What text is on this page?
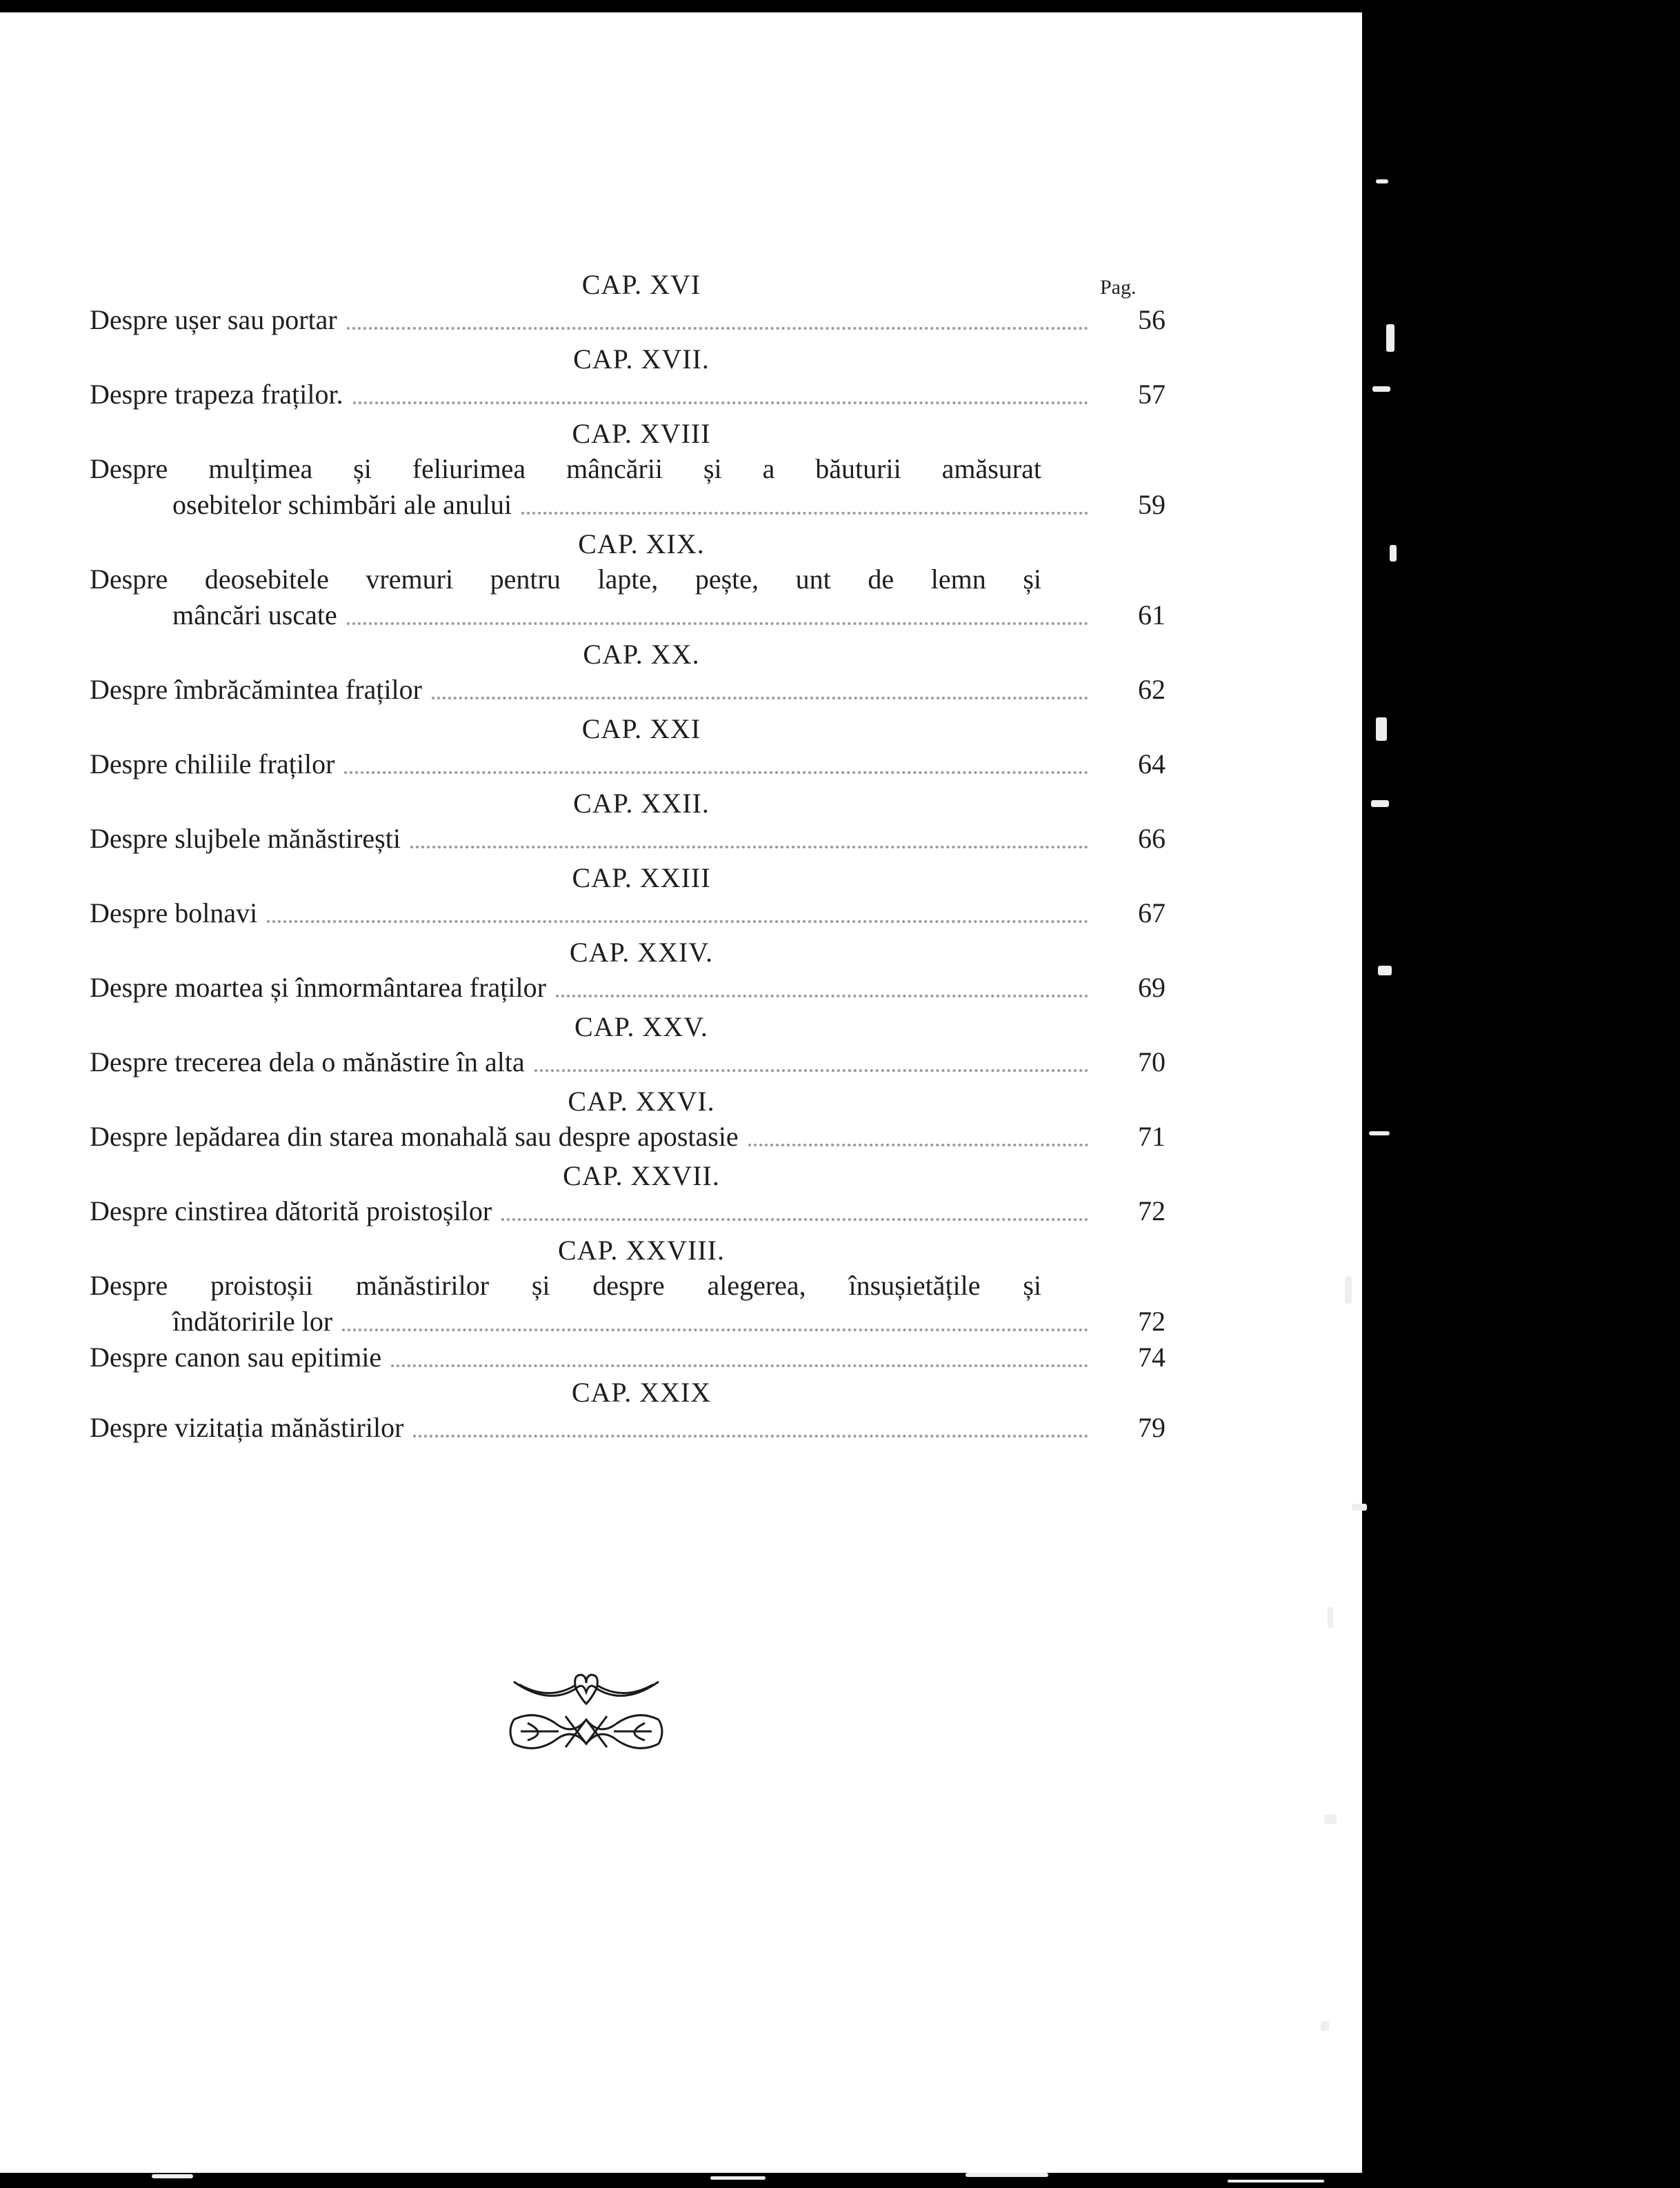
Pag.
CAP. XVI
Despre ușer sau portar	56
CAP. XVII.
Despre trapeza fraților.	57
CAP. XVIII
Despre mulțimea și feliurimea mâncării și a băuturii amăsurat
osebitelor schimbări ale anului	59
CAP. XIX.
Despre deosebitele vremuri pentru lapte, pește, unt de lemn și
mâncări uscate	61
CAP. XX.
Despre îmbrăcămintea fraților	62
CAP. XXI
Despre chiliile fraților	64
CAP. XXII.
Despre slujbele mănăstirești	66
CAP. XXIII
Despre bolnavi	67
CAP. XXIV.
Despre moartea și înmormântarea fraților	69
CAP. XXV.
Despre trecerea dela o mănăstire în alta	70
CAP. XXVI.
Despre lepădarea din starea monahală sau despre apostasie	71
CAP. XXVII.
Despre cinstirea dătorită proistoșilor	72
CAP. XXVIII.
Despre proistoșii mănăstirilor și despre alegerea, însușietățile și
îndătoririle lor	72
Despre canon sau epitimie	74
CAP. XXIX
Despre vizitația mănăstirilor	79
